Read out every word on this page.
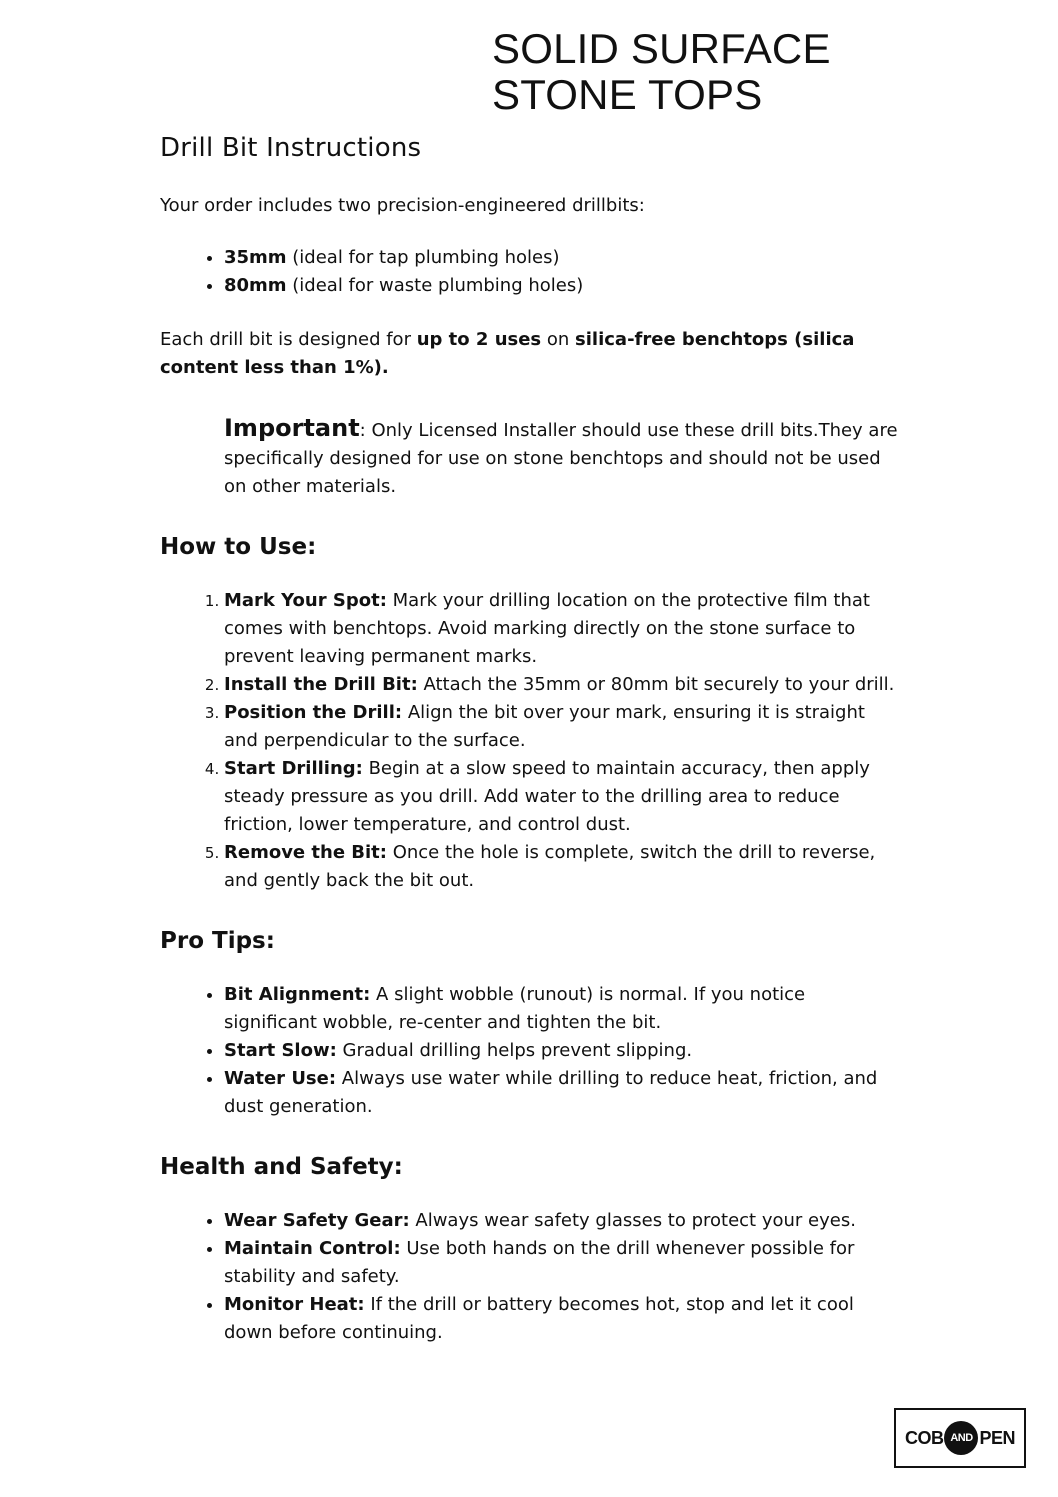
SOLID SURFACE
STONE TOPS
Drill Bit Instructions

Your order includes two precision-engineered drillbits:

• 35mm (ideal for tap plumbing holes)
• 80mm (ideal for waste plumbing holes)

Each drill bit is designed for up to 2 uses on silica-free benchtops (silica content less than 1%).

Important: Only Licensed Installer should use these drill bits.They are specifically designed for use on stone benchtops and should not be used on other materials.

How to Use:
1. Mark Your Spot: Mark your drilling location on the protective film that comes with benchtops. Avoid marking directly on the stone surface to prevent leaving permanent marks.
2. Install the Drill Bit: Attach the 35mm or 80mm bit securely to your drill.
3. Position the Drill: Align the bit over your mark, ensuring it is straight and perpendicular to the surface.
4. Start Drilling: Begin at a slow speed to maintain accuracy, then apply steady pressure as you drill. Add water to the drilling area to reduce friction, lower temperature, and control dust.
5. Remove the Bit: Once the hole is complete, switch the drill to reverse, and gently back the bit out.
Pro Tips:
• Bit Alignment: A slight wobble (runout) is normal. If you notice significant wobble, re-center and tighten the bit.
• Start Slow: Gradual drilling helps prevent slipping.
• Water Use: Always use water while drilling to reduce heat, friction, and dust generation.
Health and Safety:
• Wear Safety Gear: Always wear safety glasses to protect your eyes.
• Maintain Control: Use both hands on the drill whenever possible for stability and safety.
• Monitor Heat: If the drill or battery becomes hot, stop and let it cool down before continuing.
COB AND PEN
